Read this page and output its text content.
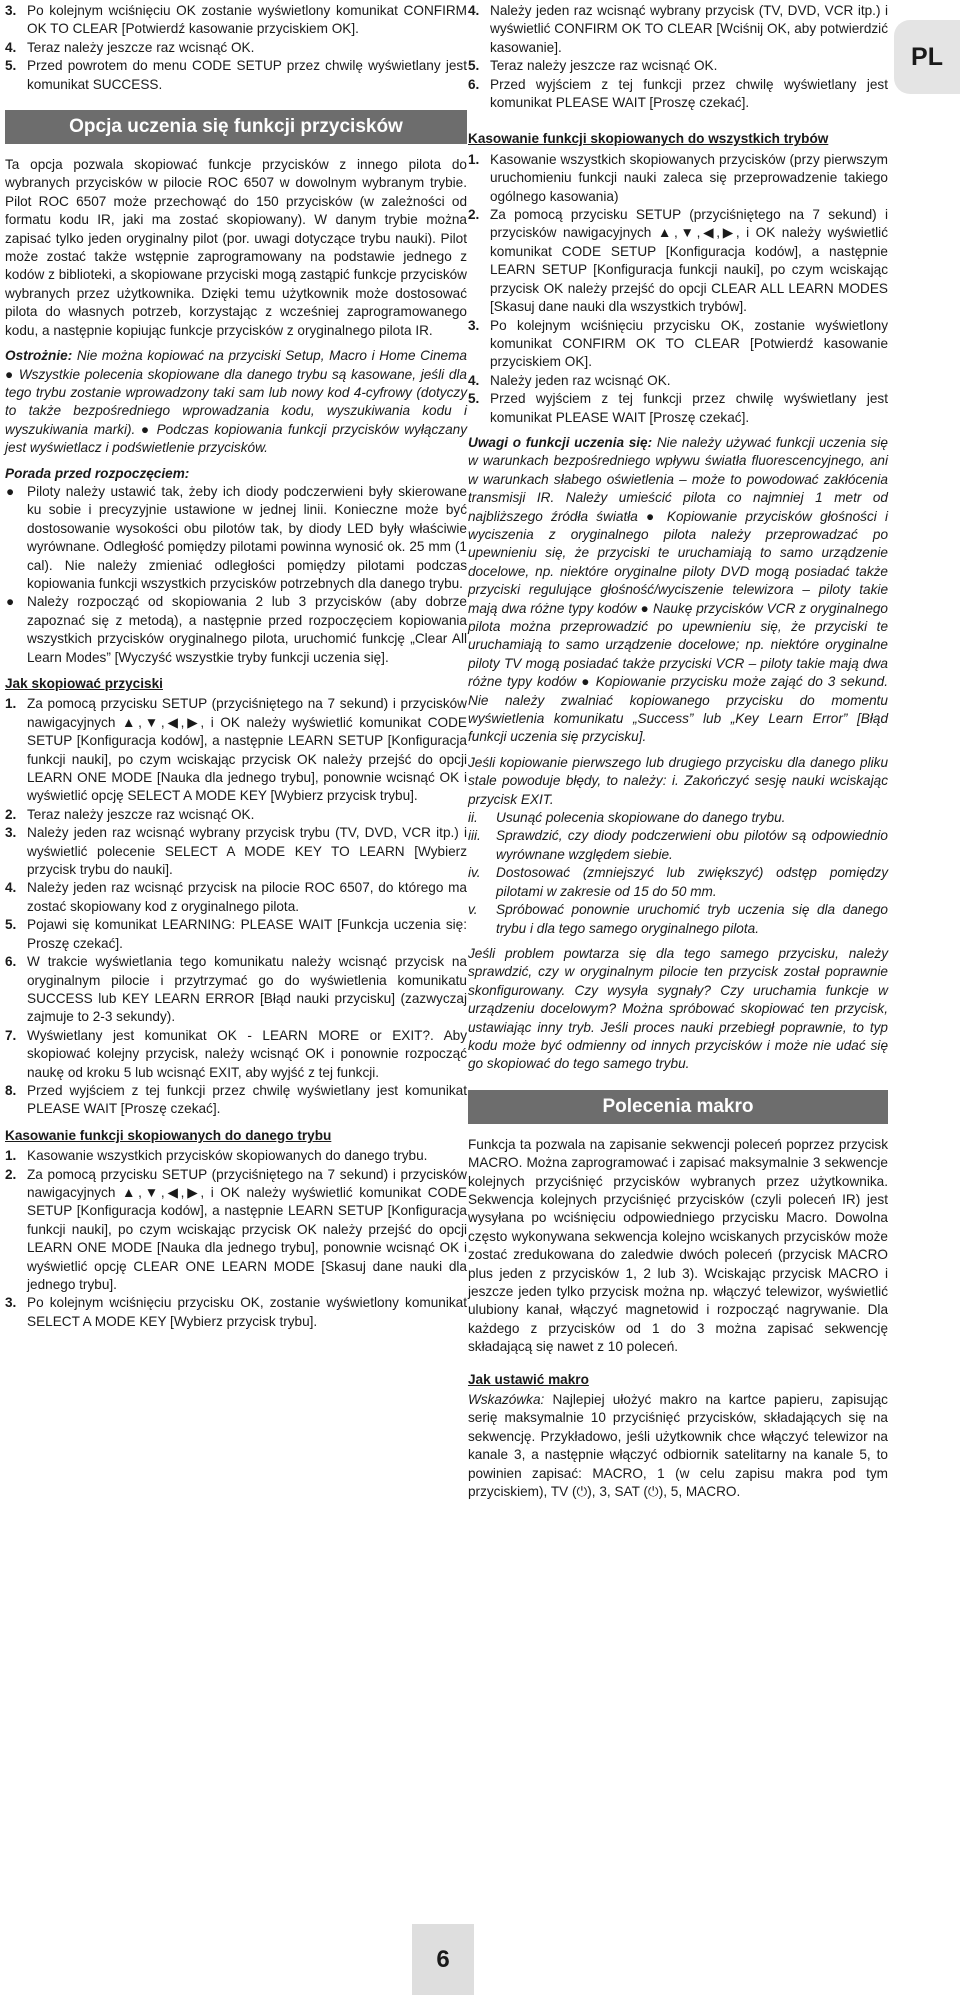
3. Po kolejnym wciśnięciu OK zostanie wyświetlony komunikat CONFIRM OK TO CLEAR [Potwierdź kasowanie przyciskiem OK].
4. Teraz należy jeszcze raz wcisnąć OK.
5. Przed powrotem do menu CODE SETUP przez chwilę wyświetlany jest komunikat SUCCESS.
Opcja uczenia się funkcji przycisków

Ta opcja pozwala skopiować funkcje przycisków z innego pilota do wybranych przycisków w pilocie ROC 6507 w dowolnym wybranym trybie. Pilot ROC 6507 może przechowąć do 150 przycisków (w zależności od formatu kodu IR, jaki ma zostać skopiowany). W danym trybie można zapisać tylko jeden oryginalny pilot (por. uwagi dotyczące trybu nauki). Pilot może zostać także wstępnie zaprogramowany na podstawie jednego z kodów z biblioteki, a skopiowane przyciski mogą zastąpić funkcje przycisków wybranych przez użytkownika. Dzięki temu użytkownik może dostosować pilota do własnych potrzeb, korzystając z wcześniej zaprogramowanego kodu, a następnie kopiując funkcje przycisków z oryginalnego pilota IR.

Ostrożnie: Nie można kopiować na przyciski Setup, Macro i Home Cinema ● Wszystkie polecenia skopiowane dla danego trybu są kasowane, jeśli dla tego trybu zostanie wprowadzony taki sam lub nowy kod 4-cyfrowy (dotyczy to także bezpośredniego wprowadzania kodu, wyszukiwania kodu i wyszukiwania marki). ● Podczas kopiowania funkcji przycisków wyłączany jest wyświetlacz i podświetlenie przycisków.

Porada przed rozpoczęciem:
● Piloty należy ustawić tak, żeby ich diody podczerwieni były skierowane ku sobie i precyzyjnie ustawione w jednej linii. Konieczne może być dostosowanie wysokości obu pilotów tak, by diody LED były właściwie wyrównane. Odległość pomiędzy pilotami powinna wynosić ok. 25 mm (1 cal). Nie należy zmieniać odległości pomiędzy pilotami podczas kopiowania funkcji wszystkich przycisków potrzebnych dla danego trybu.
● Należy rozpocząć od skopiowania 2 lub 3 przycisków (aby dobrze zapoznać się z metodą), a następnie przed rozpoczęciem kopiowania wszystkich przycisków oryginalnego pilota, uruchomić funkcję „Clear All Learn Modes” [Wyczyść wszystkie tryby funkcji uczenia się].
Jak skopiować przyciski
1. Za pomocą przycisku SETUP (przyciśniętego na 7 sekund) i przycisków nawigacyjnych ▲,▼,◀,▶, i OK należy wyświetlić komunikat CODE SETUP [Konfiguracja kodów], a następnie LEARN SETUP [Konfiguracja funkcji nauki], po czym wciskając przycisk OK należy przejść do opcji LEARN ONE MODE [Nauka dla jednego trybu], ponownie wcisnąć OK i wyświetlić opcję SELECT A MODE KEY [Wybierz przycisk trybu].
2. Teraz należy jeszcze raz wcisnąć OK.
3. Należy jeden raz wcisnąć wybrany przycisk trybu (TV, DVD, VCR itp.) i wyświetlić polecenie SELECT A MODE KEY TO LEARN [Wybierz przycisk trybu do nauki].
4. Należy jeden raz wcisnąć przycisk na pilocie ROC 6507, do którego ma zostać skopiowany kod z oryginalnego pilota.
5. Pojawi się komunikat LEARNING: PLEASE WAIT [Funkcja uczenia się: Proszę czekać].
6. W trakcie wyświetlania tego komunikatu należy wcisnąć przycisk na oryginalnym pilocie i przytrzymać go do wyświetlenia komunikatu SUCCESS lub KEY LEARN ERROR [Błąd nauki przycisku] (zazwyczaj zajmuje to 2-3 sekundy).
7. Wyświetlany jest komunikat OK - LEARN MORE or EXIT?. Aby skopiować kolejny przycisk, należy wcisnąć OK i ponownie rozpocząć naukę od kroku 5 lub wcisnąć EXIT, aby wyjść z tej funkcji.
8. Przed wyjściem z tej funkcji przez chwilę wyświetlany jest komunikat PLEASE WAIT [Proszę czekać].
Kasowanie funkcji skopiowanych do danego trybu
1. Kasowanie wszystkich przycisków skopiowanych do danego trybu.
2. Za pomocą przycisku SETUP (przyciśniętego na 7 sekund) i przycisków nawigacyjnych ▲,▼,◀,▶, i OK należy wyświetlić komunikat CODE SETUP [Konfiguracja kodów], a następnie LEARN SETUP [Konfiguracja funkcji nauki], po czym wciskając przycisk OK należy przejść do opcji LEARN ONE MODE [Nauka dla jednego trybu], ponownie wcisnąć OK i wyświetlić opcję CLEAR ONE LEARN MODE [Skasuj dane nauki dla jednego trybu].
3. Po kolejnym wciśnięciu przycisku OK, zostanie wyświetlony komunikat SELECT A MODE KEY [Wybierz przycisk trybu].
4. Należy jeden raz wcisnąć wybrany przycisk (TV, DVD, VCR itp.) i wyświetlić CONFIRM OK TO CLEAR [Wciśnij OK, aby potwierdzić kasowanie].
5. Teraz należy jeszcze raz wcisnąć OK.
6. Przed wyjściem z tej funkcji przez chwilę wyświetlany jest komunikat PLEASE WAIT [Proszę czekać].
Kasowanie funkcji skopiowanych do wszystkich trybów
1. Kasowanie wszystkich skopiowanych przycisków (przy pierwszym uruchomieniu funkcji nauki zaleca się przeprowadzenie takiego ogólnego kasowania)
2. Za pomocą przycisku SETUP (przyciśniętego na 7 sekund) i przycisków nawigacyjnych ▲,▼,◀,▶, i OK należy wyświetlić komunikat CODE SETUP [Konfiguracja kodów], a następnie LEARN SETUP [Konfiguracja funkcji nauki], po czym wciskając przycisk OK należy przejść do opcji CLEAR ALL LEARN MODES [Skasuj dane nauki dla wszystkich trybów].
3. Po kolejnym wciśnięciu przycisku OK, zostanie wyświetlony komunikat CONFIRM OK TO CLEAR [Potwierdź kasowanie przyciskiem OK].
4. Należy jeden raz wcisnąć OK.
5. Przed wyjściem z tej funkcji przez chwilę wyświetlany jest komunikat PLEASE WAIT [Proszę czekać].

Uwagi o funkcji uczenia się: Nie należy używać funkcji uczenia się w warunkach bezpośredniego wpływu światła fluorescencyjnego, ani w warunkach słabego oświetlenia – może to powodować zakłócenia transmisji IR. Należy umieścić pilota co najmniej 1 metr od najbliższego źródła światła ● Kopiowanie przycisków głośności i wyciszenia z oryginalnego pilota należy przeprowadzać po upewnieniu się, że przyciski te uruchamiają to samo urządzenie docelowe, np. niektóre oryginalne piloty DVD mogą posiadać także przyciski regulujące głośność/wyciszenie telewizora – piloty takie mają dwa różne typy kodów ● Naukę przycisków VCR z oryginalnego pilota można przeprowadzić po upewnieniu się, że przyciski te uruchamiają to samo urządzenie docelowe; np. niektóre oryginalne piloty TV mogą posiadać także przyciski VCR – piloty takie mają dwa różne typy kodów ● Kopiowanie przycisku może zająć do 3 sekund. Nie należy zwalniać kopiowanego przycisku do momentu wyświetlenia komunikatu „Success” lub „Key Learn Error” [Błąd funkcji uczenia się przycisku].

Jeśli kopiowanie pierwszego lub drugiego przycisku dla danego pliku stale powoduje błędy, to należy: i. Zakończyć sesję nauki wciskając przycisk EXIT.

ii. Usunąć polecenia skopiowane do danego trybu.
iii. Sprawdzić, czy diody podczerwieni obu pilotów są odpowiednio wyrównane względem siebie.
iv. Dostosować (zmniejszyć lub zwiększyć) odstęp pomiędzy pilotami w zakresie od 15 do 50 mm.
v. Spróbować ponownie uruchomić tryb uczenia się dla danego trybu i dla tego samego oryginalnego pilota.

Jeśli problem powtarza się dla tego samego przycisku, należy sprawdzić, czy w oryginalnym pilocie ten przycisk został poprawnie skonfigurowany. Czy wysyła sygnały? Czy uruchamia funkcje w urządzeniu docelowym? Można spróbować skopiować ten przycisk, ustawiając inny tryb. Jeśli proces nauki przebiegł poprawnie, to typ kodu może być odmienny od innych przycisków i może nie udać się go skopiować do tego samego trybu.

Polecenia makro

Funkcja ta pozwala na zapisanie sekwencji poleceń poprzez przycisk MACRO. Można zaprogramować i zapisać maksymalnie 3 sekwencje kolejnych przyciśnięć przycisków wybranych przez użytkownika. Sekwencja kolejnych przyciśnięć przycisków (czyli poleceń IR) jest wysyłana po wciśnięciu odpowiedniego przycisku Macro. Dowolna często wykonywana sekwencja kolejno wciskanych przycisków może zostać zredukowana do zaledwie dwóch poleceń (przycisk MACRO plus jeden z przycisków 1, 2 lub 3). Wciskając przycisk MACRO i jeszcze jeden tylko przycisk można np. włączyć telewizor, wyświetlić ulubiony kanał, włączyć magnetowid i rozpocząć nagrywanie. Dla każdego z przycisków od 1 do 3 można zapisać sekwencję składającą się nawet z 10 poleceń.

Jak ustawić makro

Wskazówka: Najlepiej ułożyć makro na kartce papieru, zapisując serię maksymalnie 10 przyciśnięć przycisków, składających się na sekwencję. Przykładowo, jeśli użytkownik chce włączyć telewizor na kanale 3, a następnie włączyć odbiornik satelitarny na kanale 5, to powinien zapisać: MACRO, 1 (w celu zapisu makra pod tym przyciskiem), TV (⏻), 3, SAT (⏻), 5, MACRO.

PL
6
